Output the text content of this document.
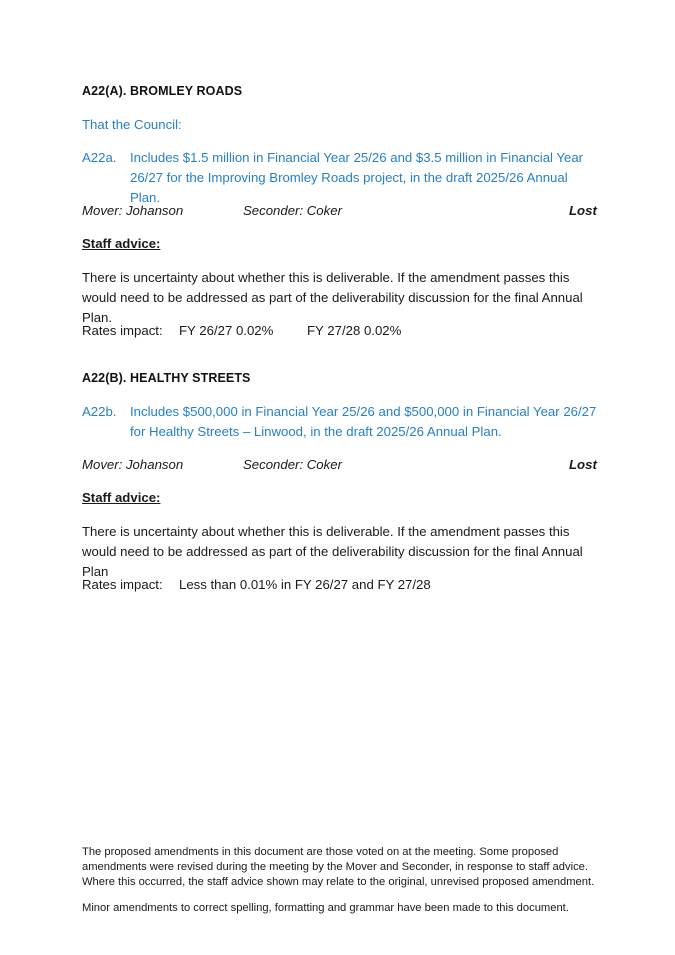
A22(A). BROMLEY ROADS
That the Council:
A22a. Includes $1.5 million in Financial Year 25/26 and $3.5 million in Financial Year 26/27 for the Improving Bromley Roads project, in the draft 2025/26 Annual Plan.
Mover: Johanson	Seconder: Coker	Lost
Staff advice:
There is uncertainty about whether this is deliverable. If the amendment passes this would need to be addressed as part of the deliverability discussion for the final Annual Plan.
Rates impact: FY 26/27 0.02%	FY 27/28 0.02%
A22(B). HEALTHY STREETS
A22b. Includes $500,000 in Financial Year 25/26 and $500,000 in Financial Year 26/27 for Healthy Streets – Linwood, in the draft 2025/26 Annual Plan.
Mover: Johanson	Seconder: Coker	Lost
Staff advice:
There is uncertainty about whether this is deliverable. If the amendment passes this would need to be addressed as part of the deliverability discussion for the final Annual Plan
Rates impact: Less than 0.01% in FY 26/27 and FY 27/28
The proposed amendments in this document are those voted on at the meeting. Some proposed amendments were revised during the meeting by the Mover and Seconder, in response to staff advice. Where this occurred, the staff advice shown may relate to the original, unrevised proposed amendment.
Minor amendments to correct spelling, formatting and grammar have been made to this document.
